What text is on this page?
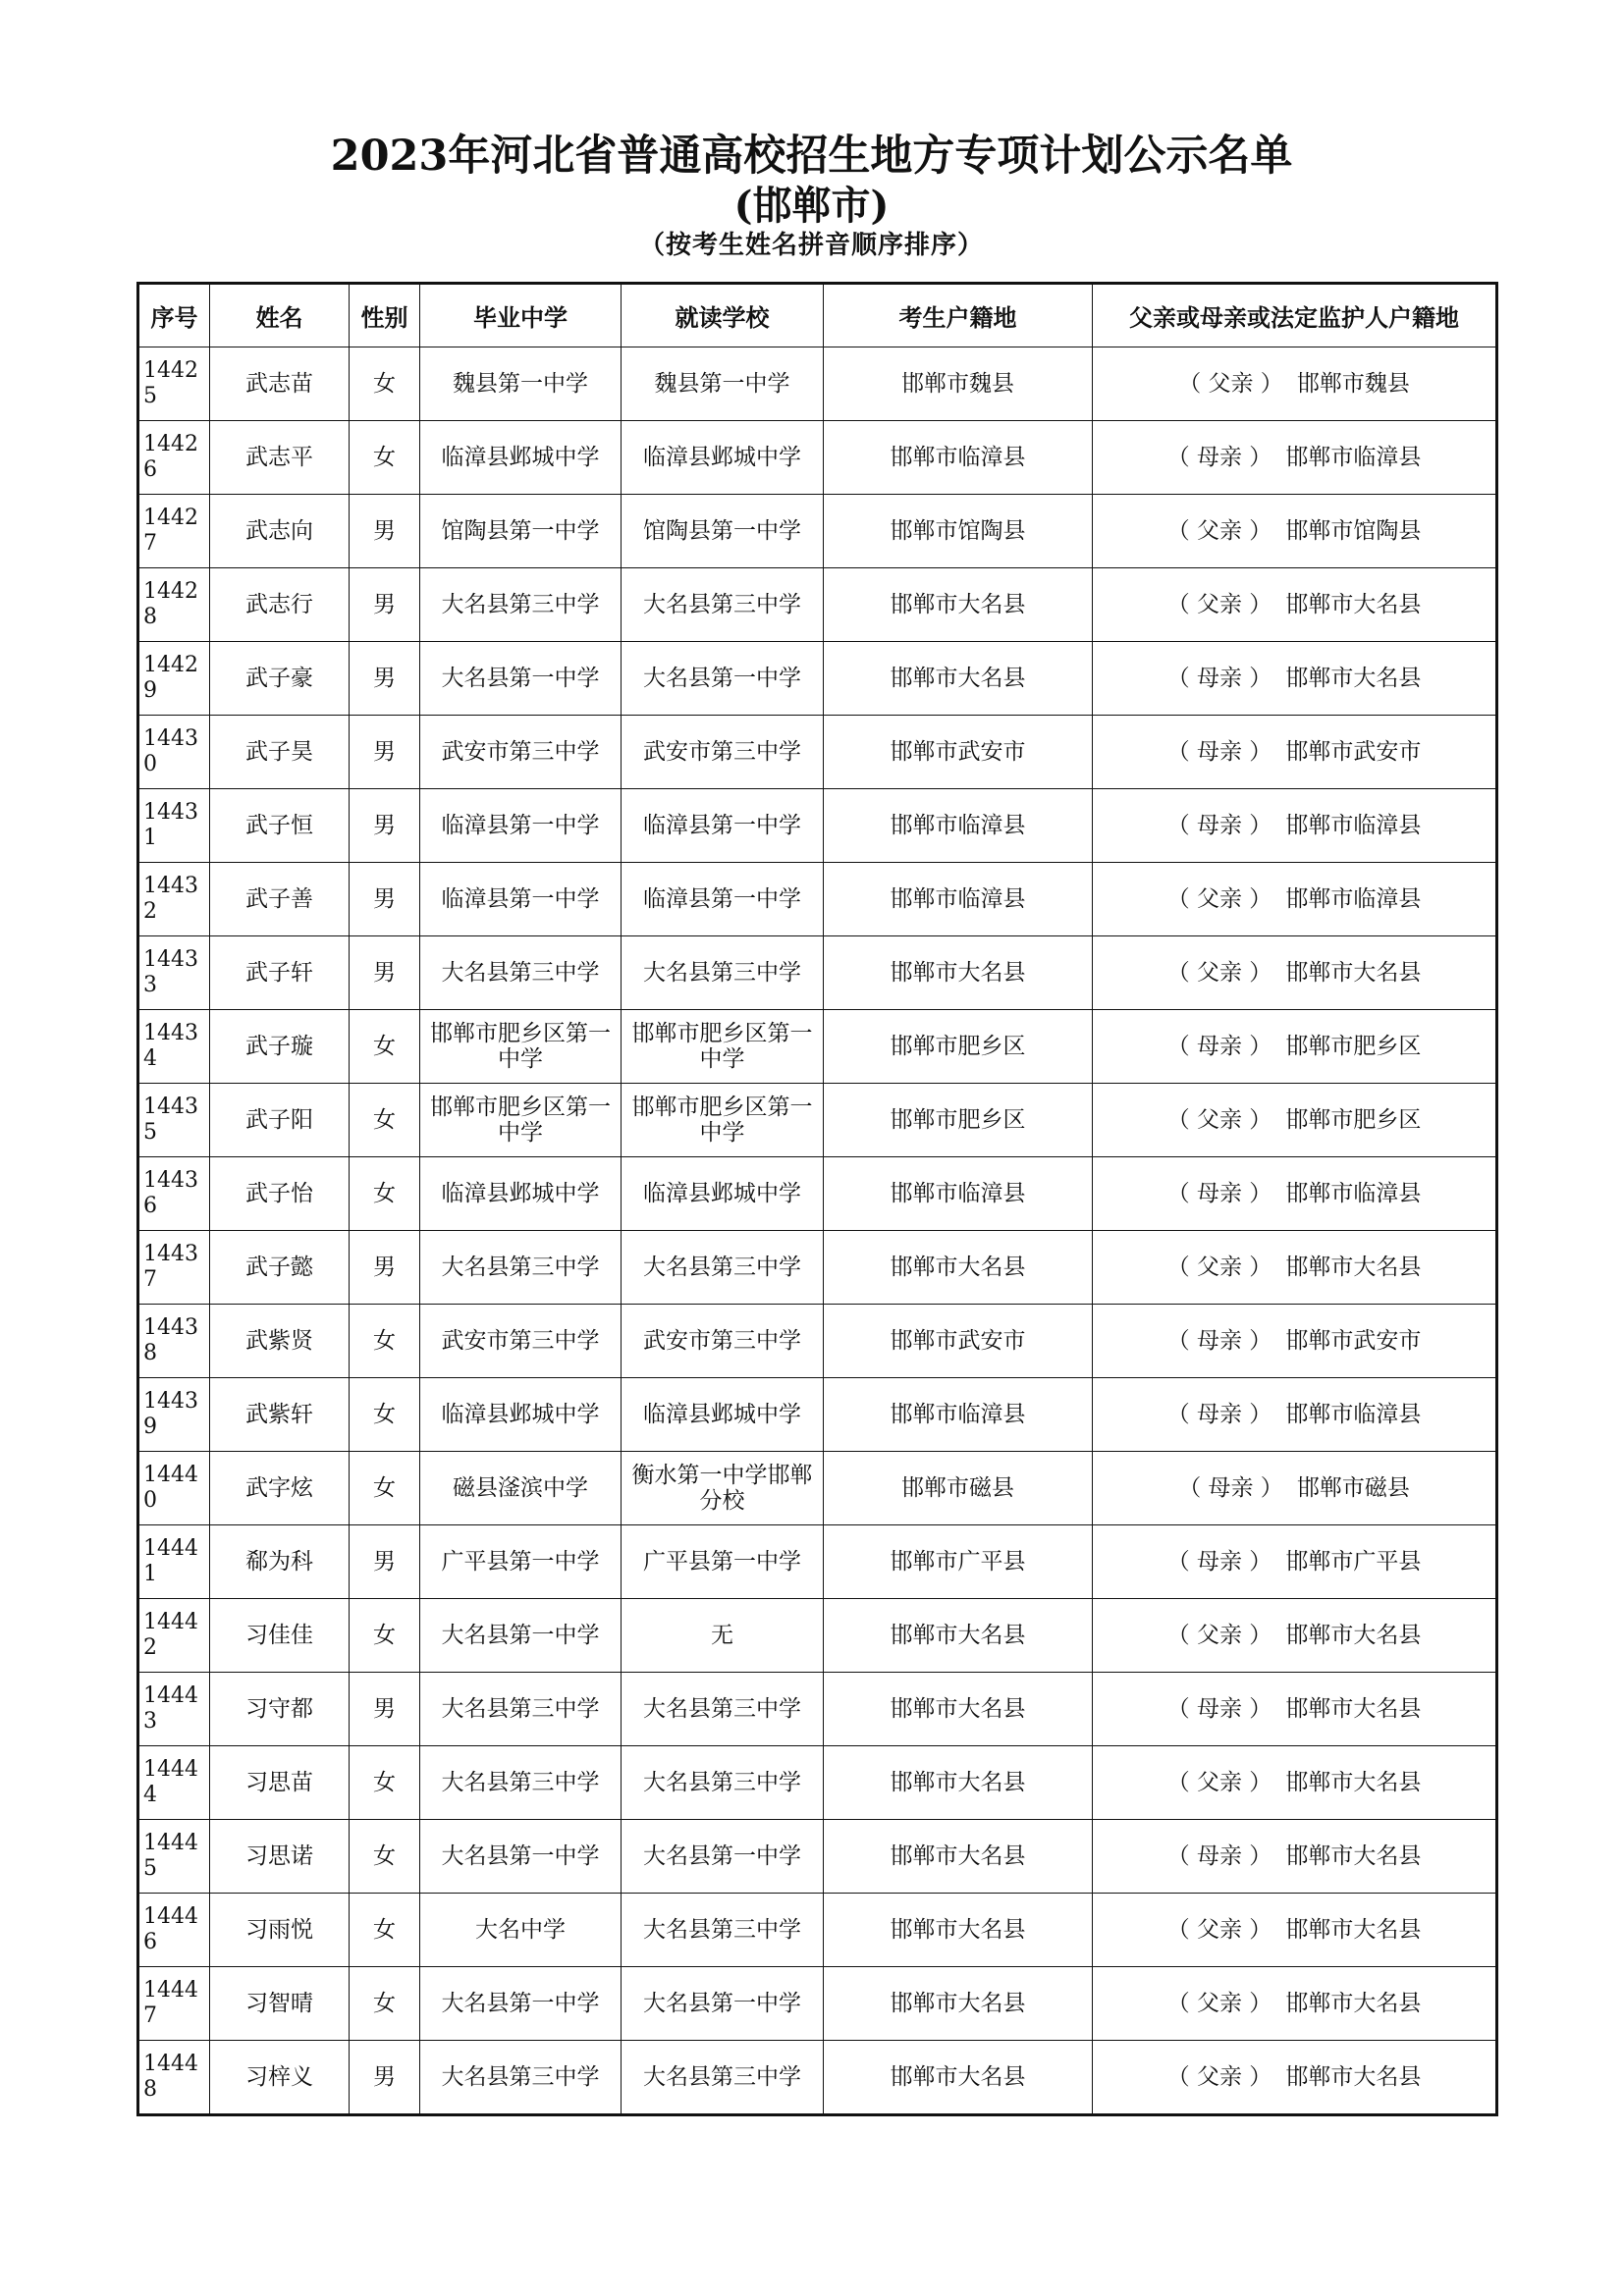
2023年河北省普通高校招生地方专项计划公示名单
(邯郸市)
（按考生姓名拼音顺序排序）
序号	姓名	性别	毕业中学	就读学校	考生户籍地	父亲或母亲或法定监护人户籍地
14425	武志苗	女	魏县第一中学	魏县第一中学	邯郸市魏县	（ 父亲 ） 邯郸市魏县
14426	武志平	女	临漳县邺城中学	临漳县邺城中学	邯郸市临漳县	（ 母亲 ） 邯郸市临漳县
14427	武志向	男	馆陶县第一中学	馆陶县第一中学	邯郸市馆陶县	（ 父亲 ） 邯郸市馆陶县
14428	武志行	男	大名县第三中学	大名县第三中学	邯郸市大名县	（ 父亲 ） 邯郸市大名县
14429	武子豪	男	大名县第一中学	大名县第一中学	邯郸市大名县	（ 母亲 ） 邯郸市大名县
14430	武子昊	男	武安市第三中学	武安市第三中学	邯郸市武安市	（ 母亲 ） 邯郸市武安市
14431	武子恒	男	临漳县第一中学	临漳县第一中学	邯郸市临漳县	（ 母亲 ） 邯郸市临漳县
14432	武子善	男	临漳县第一中学	临漳县第一中学	邯郸市临漳县	（ 父亲 ） 邯郸市临漳县
14433	武子轩	男	大名县第三中学	大名县第三中学	邯郸市大名县	（ 父亲 ） 邯郸市大名县
14434	武子璇	女	邯郸市肥乡区第一中学	邯郸市肥乡区第一中学	邯郸市肥乡区	（ 母亲 ） 邯郸市肥乡区
14435	武子阳	女	邯郸市肥乡区第一中学	邯郸市肥乡区第一中学	邯郸市肥乡区	（ 父亲 ） 邯郸市肥乡区
14436	武子怡	女	临漳县邺城中学	临漳县邺城中学	邯郸市临漳县	（ 母亲 ） 邯郸市临漳县
14437	武子懿	男	大名县第三中学	大名县第三中学	邯郸市大名县	（ 父亲 ） 邯郸市大名县
14438	武紫贤	女	武安市第三中学	武安市第三中学	邯郸市武安市	（ 母亲 ） 邯郸市武安市
14439	武紫轩	女	临漳县邺城中学	临漳县邺城中学	邯郸市临漳县	（ 母亲 ） 邯郸市临漳县
14440	武字炫	女	磁县滏滨中学	衡水第一中学邯郸分校	邯郸市磁县	（ 母亲 ） 邯郸市磁县
14441	郗为科	男	广平县第一中学	广平县第一中学	邯郸市广平县	（ 母亲 ） 邯郸市广平县
14442	习佳佳	女	大名县第一中学	无	邯郸市大名县	（ 父亲 ） 邯郸市大名县
14443	习守都	男	大名县第三中学	大名县第三中学	邯郸市大名县	（ 母亲 ） 邯郸市大名县
14444	习思苗	女	大名县第三中学	大名县第三中学	邯郸市大名县	（ 父亲 ） 邯郸市大名县
14445	习思诺	女	大名县第一中学	大名县第一中学	邯郸市大名县	（ 母亲 ） 邯郸市大名县
14446	习雨悦	女	大名中学	大名县第三中学	邯郸市大名县	（ 父亲 ） 邯郸市大名县
14447	习智晴	女	大名县第一中学	大名县第一中学	邯郸市大名县	（ 父亲 ） 邯郸市大名县
14448	习梓义	男	大名县第三中学	大名县第三中学	邯郸市大名县	（ 父亲 ） 邯郸市大名县
